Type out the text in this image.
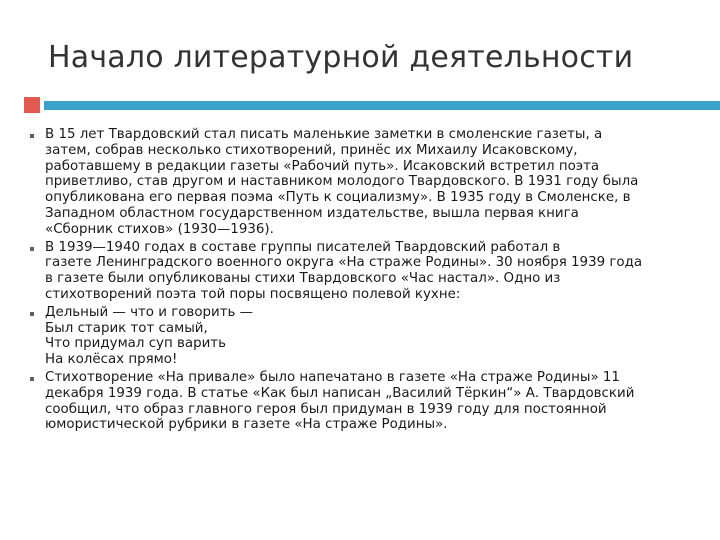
Начало литературной деятельности
В 15 лет Твардовский стал писать маленькие заметки в смоленские газеты, а
затем, собрав несколько стихотворений, принёс их Михаилу Исаковскому,
работавшему в редакции газеты «Рабочий путь». Исаковский встретил поэта
приветливо, став другом и наставником молодого Твардовского. В 1931 году была
опубликована его первая поэма «Путь к социализму». В 1935 году в Смоленске, в
Западном областном государственном издательстве, вышла первая книга
«Сборник стихов» (1930—1936).
В 1939—1940 годах в составе группы писателей Твардовский работал в
газете Ленинградского военного округа «На страже Родины». 30 ноября 1939 года
в газете были опубликованы стихи Твардовского «Час настал». Одно из
стихотворений поэта той поры посвящено полевой кухне:
Дельный — что и говорить —
Был старик тот самый,
Что придумал суп варить
На колёсах прямо!
Стихотворение «На привале» было напечатано в газете «На страже Родины» 11
декабря 1939 года. В статье «Как был написан „Василий Тёркин“» А. Твардовский
сообщил, что образ главного героя был придуман в 1939 году для постоянной
юмористической рубрики в газете «На страже Родины».
